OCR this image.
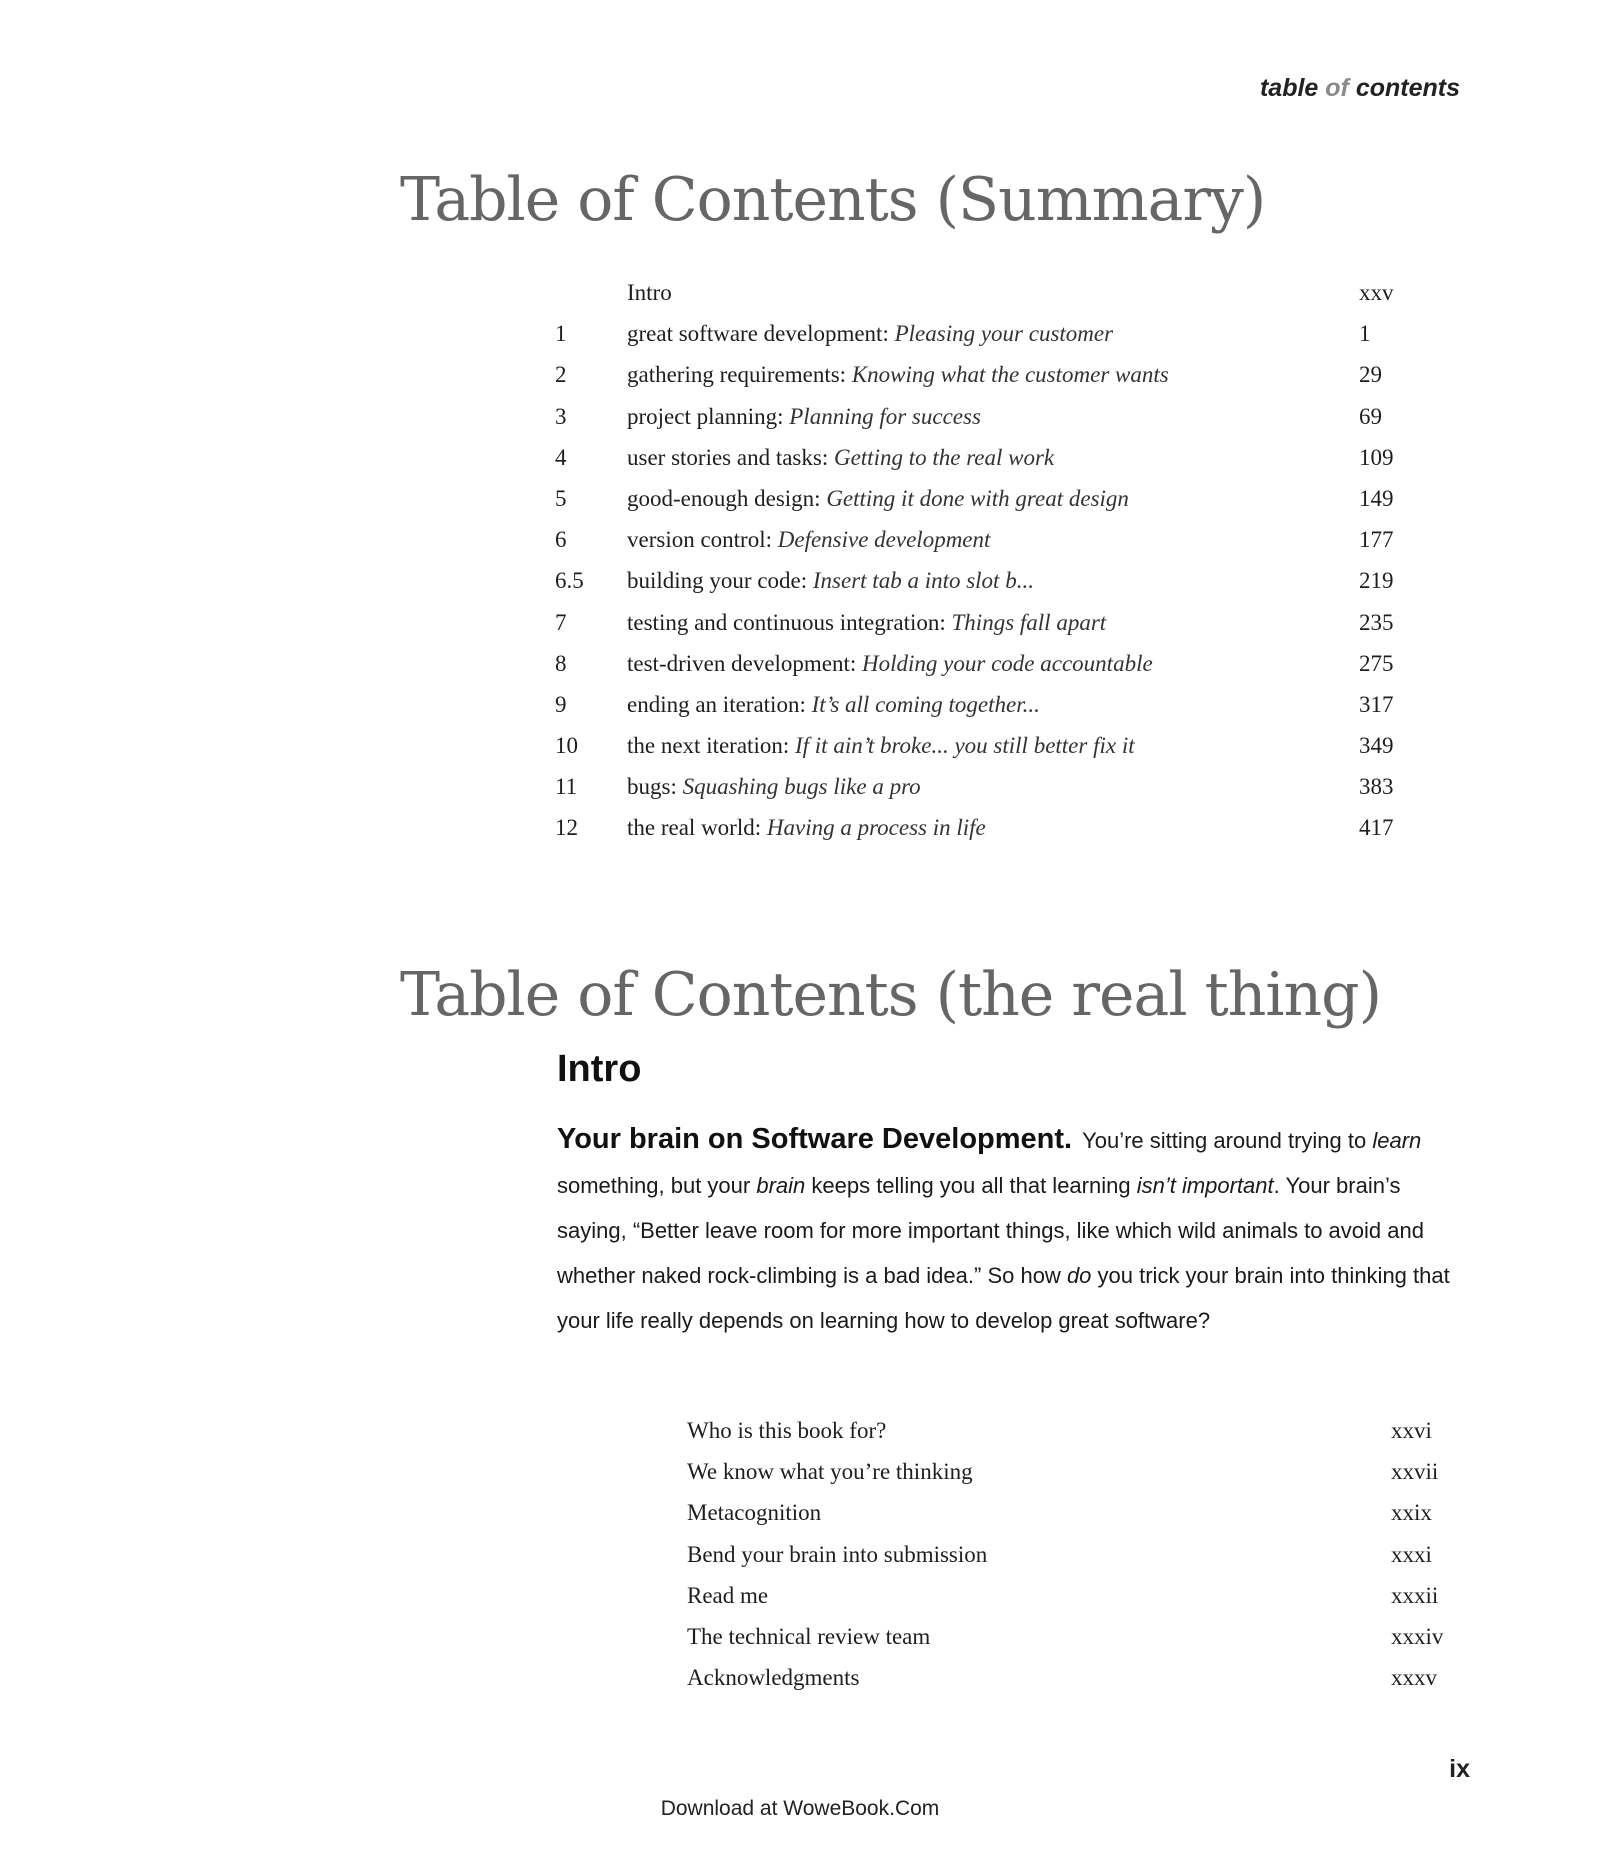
table of contents
Table of Contents (Summary)
Intro	xxv
1	great software development: Pleasing your customer	1
2	gathering requirements: Knowing what the customer wants	29
3	project planning: Planning for success	69
4	user stories and tasks: Getting to the real work	109
5	good-enough design: Getting it done with great design	149
6	version control: Defensive development	177
6.5 building your code: Insert tab a into slot b...	219
7	testing and continuous integration: Things fall apart	235
8	test-driven development: Holding your code accountable	275
9	ending an iteration: It’s all coming together...	317
10 the next iteration: If it ain’t broke... you still better fix it	349
11 bugs: Squashing bugs like a pro	383
12 the real world: Having a process in life	417
Table of Contents (the real thing)
Intro
Your brain on Software Development. You’re sitting around trying to learn something, but your brain keeps telling you all that learning isn’t important. Your brain’s saying, “Better leave room for more important things, like which wild animals to avoid and whether naked rock-climbing is a bad idea.” So how do you trick your brain into thinking that your life really depends on learning how to develop great software?
Who is this book for?	xxvi
We know what you’re thinking	xxvii
Metacognition	xxix
Bend your brain into submission	xxxi
Read me	xxxii
The technical review team	xxxiv
Acknowledgments	xxxv
ix
Download at WoweBook.Com
